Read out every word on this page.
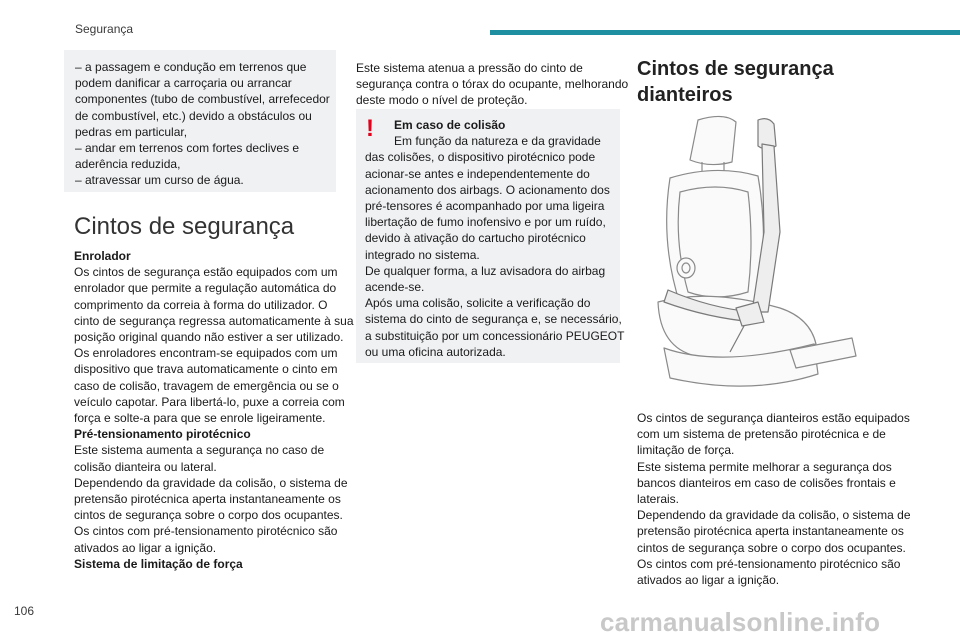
Segurança
– a passagem e condução em terrenos que
podem danificar a carroçaria ou arrancar
componentes (tubo de combustível, arrefecedor
de combustível, etc.) devido a obstáculos ou
pedras em particular,
– andar em terrenos com fortes declives e
aderência reduzida,
– atravessar um curso de água.
Cintos de segurança
Enrolador
Os cintos de segurança estão equipados com um
enrolador que permite a regulação automática do
comprimento da correia à forma do utilizador. O
cinto de segurança regressa automaticamente à sua
posição original quando não estiver a ser utilizado.
Os enroladores encontram-se equipados com um
dispositivo que trava automaticamente o cinto em
caso de colisão, travagem de emergência ou se o
veículo capotar. Para libertá-lo, puxe a correia com
força e solte-a para que se enrole ligeiramente.
Pré-tensionamento pirotécnico
Este sistema aumenta a segurança no caso de
colisão dianteira ou lateral.
Dependendo da gravidade da colisão, o sistema de
pretensão pirotécnica aperta instantaneamente os
cintos de segurança sobre o corpo dos ocupantes.
Os cintos com pré-tensionamento pirotécnico são
ativados ao ligar a ignição.
Sistema de limitação de força
Este sistema atenua a pressão do cinto de
segurança contra o tórax do ocupante, melhorando
deste modo o nível de proteção.
!	Em caso de colisão
Em função da natureza e da gravidade
das colisões, o dispositivo pirotécnico pode
acionar-se antes e independentemente do
acionamento dos airbags. O acionamento dos
pré-tensores é acompanhado por uma ligeira
libertação de fumo inofensivo e por um ruído,
devido à ativação do cartucho pirotécnico
integrado no sistema.
De qualquer forma, a luz avisadora do airbag
acende-se.
Após uma colisão, solicite a verificação do
sistema do cinto de segurança e, se necessário,
a substituição por um concessionário PEUGEOT
ou uma oficina autorizada.
Cintos de segurança
dianteiros
Os cintos de segurança dianteiros estão equipados
com um sistema de pretensão pirotécnica e de
limitação de força.
Este sistema permite melhorar a segurança dos
bancos dianteiros em caso de colisões frontais e
laterais.
Dependendo da gravidade da colisão, o sistema de
pretensão pirotécnica aperta instantaneamente os
cintos de segurança sobre o corpo dos ocupantes.
Os cintos com pré-tensionamento pirotécnico são
ativados ao ligar a ignição.
106	carmanualsonline.info
